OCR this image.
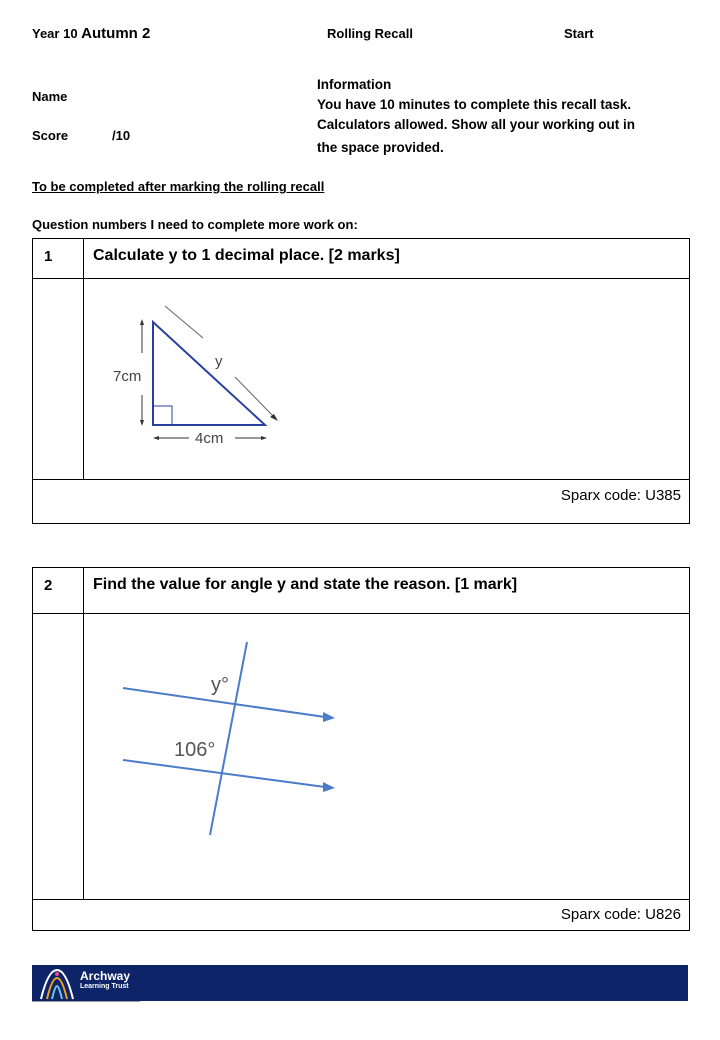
Year 10 Autumn 2	Rolling Recall	Start
Name
Score	/10
Information
You have 10 minutes to complete this recall task.
Calculators allowed. Show all your working out in
the space provided.
To be completed after marking the rolling recall
Question numbers I need to complete more work on:
1	Calculate y to 1 decimal place. [2 marks]
7cm
4cm
y
Sparx code: U385
2	Find the value for angle y and state the reason. [1 mark]
y°
106°
Sparx code: U826
Archway
Learning Trust
